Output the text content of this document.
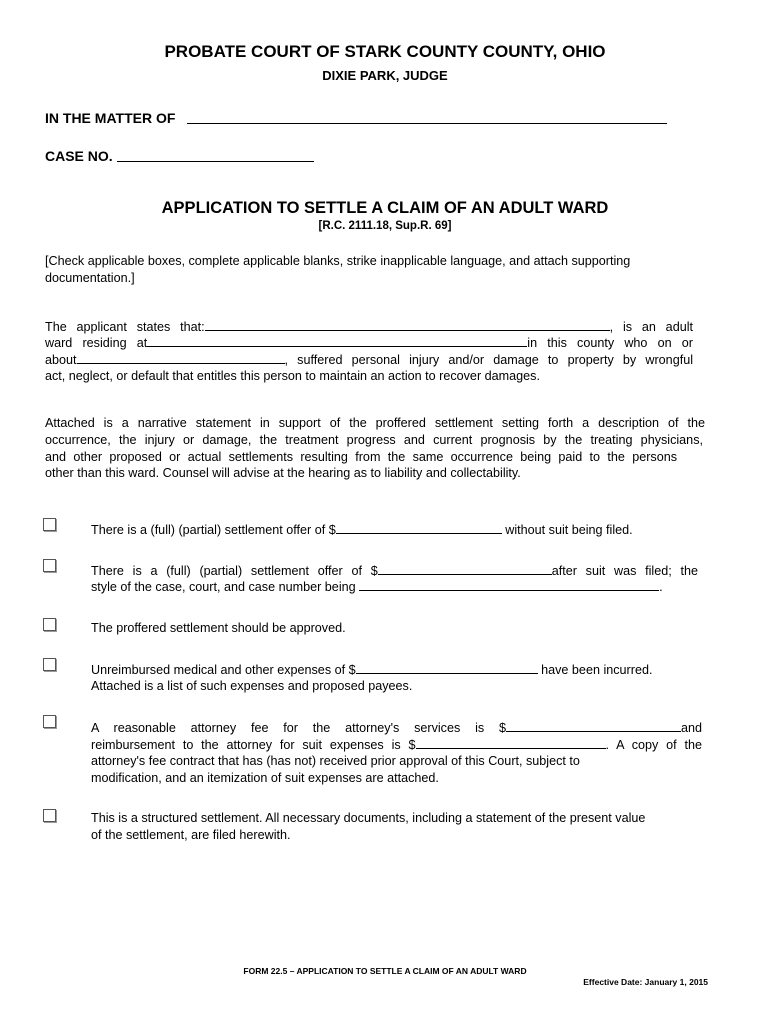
PROBATE COURT OF STARK COUNTY COUNTY, OHIO
DIXIE PARK, JUDGE
IN THE MATTER OF
CASE NO.
APPLICATION TO SETTLE A CLAIM OF AN ADULT WARD
[R.C. 2111.18, Sup.R. 69]
[Check applicable boxes, complete applicable blanks, strike inapplicable language, and attach supporting documentation.]
The applicant states that:	, is an adult
ward residing at	in this county who on or
about	, suffered personal injury and/or damage to property by wrongful
act, neglect, or default that entitles this person to maintain an action to recover damages.
Attached is a narrative statement in support of the proffered settlement setting forth a description of the
occurrence, the injury or damage, the treatment progress and current prognosis by the treating physicians,
and other proposed or actual settlements resulting from the same occurrence being paid to the persons
other than this ward. Counsel will advise at the hearing as to liability and collectability.
There is a (full) (partial) settlement offer of $	without suit being filed.
There is a (full) (partial) settlement offer of $	after suit was filed; the
style of the case, court, and case number being	.
The proffered settlement should be approved.
Unreimbursed medical and other expenses of $	have been incurred.
Attached is a list of such expenses and proposed payees.
A reasonable attorney fee for the attorney's services is $	and
reimbursement to the attorney for suit expenses is $	. A copy of the
attorney's fee contract that has (has not) received prior approval of this Court, subject to
modification, and an itemization of suit expenses are attached.
This is a structured settlement. All necessary documents, including a statement of the present value
of the settlement, are filed herewith.
FORM 22.5 – APPLICATION TO SETTLE A CLAIM OF AN ADULT WARD
Effective Date: January 1, 2015
